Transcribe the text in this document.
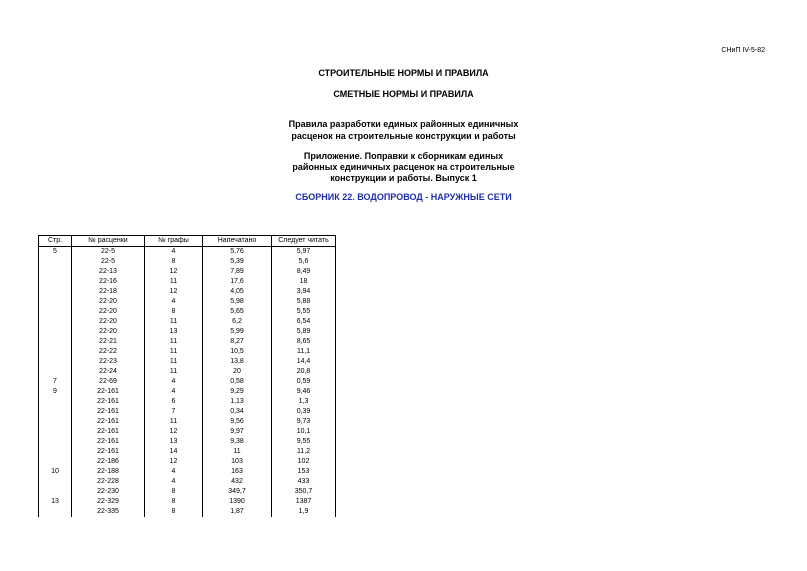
СНиП IV-5-82
СТРОИТЕЛЬНЫЕ НОРМЫ И ПРАВИЛА
СМЕТНЫЕ НОРМЫ И ПРАВИЛА
Правила разработки единых районных единичных
расценок на строительные конструкции и работы
Приложение. Поправки к сборникам единых
районных единичных расценок на строительные
конструкции и работы. Выпуск 1
СБОРНИК 22. ВОДОПРОВОД - НАРУЖНЫЕ СЕТИ
Стр.	№ расценки	№ графы	Напечатано	Следует читать
5	22-5	4	5,76	5,97
	22-5	8	5,39	5,6
	22-13	12	7,89	8,49
	22-16	11	17,6	18
	22-18	12	4,05	3,94
	22-20	4	5,98	5,88
	22-20	8	5,65	5,55
	22-20	11	6,2	6,54
	22-20	13	5,99	5,89
	22-21	11	8,27	8,65
	22-22	11	10,5	11,1
	22-23	11	13,8	14,4
	22-24	11	20	20,8
7	22-69	4	0,58	0,59
9	22-161	4	9,29	9,46
	22-161	6	1,13	1,3
	22-161	7	0,34	0,39
	22-161	11	9,56	9,73
	22-161	12	9,97	10,1
	22-161	13	9,38	9,55
	22-161	14	11	11,2
	22-186	12	103	102
10	22-188	4	163	153
	22-228	4	432	433
	22-230	8	349,7	350,7
13	22-329	8	1390	1387
	22-335	8	1,87	1,9
